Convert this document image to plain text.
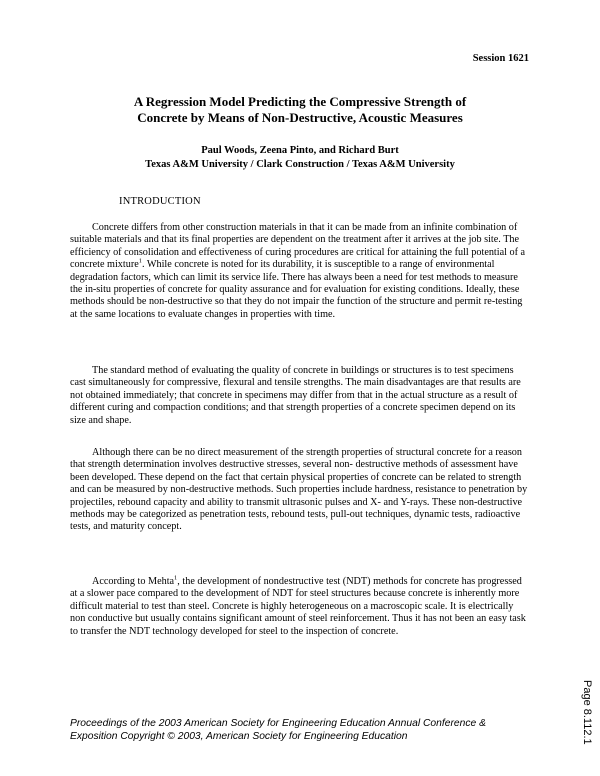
Session 1621
A Regression Model Predicting the Compressive Strength of
Concrete by Means of Non-Destructive, Acoustic Measures
Paul Woods, Zeena Pinto, and Richard Burt
Texas A&M University / Clark Construction / Texas A&M University
INTRODUCTION

Concrete differs from other construction materials in that it can be made from an infinite combination of suitable materials and that its final properties are dependent on the treatment after it arrives at the job site. The efficiency of consolidation and effectiveness of curing procedures are critical for attaining the full potential of a concrete mixture$^1$. While concrete is noted for its durability, it is susceptible to a range of environmental degradation factors, which can limit its service life. There has always been a need for test methods to measure the in-situ properties of concrete for quality assurance and for evaluation for existing conditions. Ideally, these methods should be non-destructive so that they do not impair the function of the structure and permit re-testing at the same locations to evaluate changes in properties with time.

The standard method of evaluating the quality of concrete in buildings or structures is to test specimens cast simultaneously for compressive, flexural and tensile strengths. The main disadvantages are that results are not obtained immediately; that concrete in specimens may differ from that in the actual structure as a result of different curing and compaction conditions; and that strength properties of a concrete specimen depend on its size and shape.

Although there can be no direct measurement of the strength properties of structural concrete for a reason that strength determination involves destructive stresses, several non- destructive methods of assessment have been developed. These depend on the fact that certain physical properties of concrete can be related to strength and can be measured by non-destructive methods. Such properties include hardness, resistance to penetration by projectiles, rebound capacity and ability to transmit ultrasonic pulses and X- and Y-rays. These non-destructive methods may be categorized as penetration tests, rebound tests, pull-out techniques, dynamic tests, radioactive tests, and maturity concept.

According to Mehta$^1$, the development of nondestructive test (NDT) methods for concrete has progressed at a slower pace compared to the development of NDT for steel structures because concrete is inherently more difficult material to test than steel. Concrete is highly heterogeneous on a macroscopic scale. It is electrically non conductive but usually contains significant amount of steel reinforcement. Thus it has not been an easy task to transfer the NDT technology developed for steel to the inspection of concrete.

Proceedings of the 2003 American Society for Engineering Education Annual Conference &
Exposition Copyright © 2003, American Society for Engineering Education	Page 8.112.1
